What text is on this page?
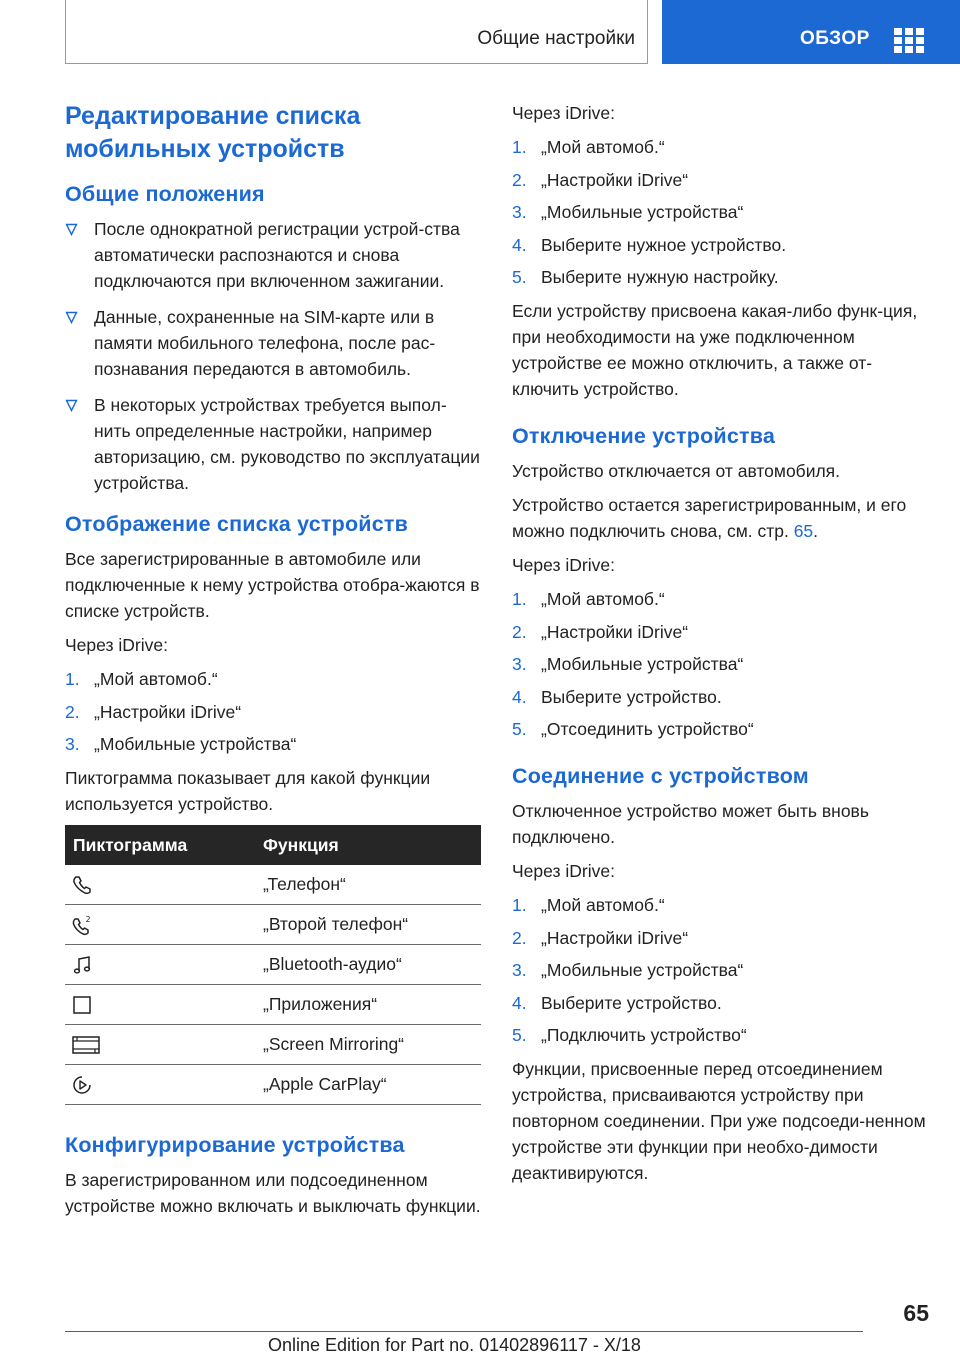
Общие настройки	ОБЗОР
Редактирование списка
мобильных устройств
Общие положения
После однократной регистрации устрой-ства автоматически распознаются и снова подключаются при включенном зажигании.
Данные, сохраненные на SIM-карте или в памяти мобильного телефона, после рас-познавания передаются в автомобиль.
В некоторых устройствах требуется выпол-нить определенные настройки, например авторизацию, см. руководство по эксплуатации устройства.
Отображение списка устройств
Все зарегистрированные в автомобиле или подключенные к нему устройства отобра-жаются в списке устройств.
Через iDrive:
1. „Мой автомоб.“
2. „Настройки iDrive“
3. „Мобильные устройства“
Пиктограмма показывает для какой функции используется устройство.
Пиктограмма	Функция

	„Телефон“

2	„Второй телефон“

	„Bluetooth-аудио“

	„Приложения“

	„Screen Mirroring“

	„Apple CarPlay“
Конфигурирование устройства
В зарегистрированном или подсоединенном устройстве можно включать и выключать функции.
Через iDrive:
1. „Мой автомоб.“
2. „Настройки iDrive“
3. „Мобильные устройства“
4. Выберите нужное устройство.
5. Выберите нужную настройку.
Если устройству присвоена какая-либо функ-ция, при необходимости на уже подключенном устройстве ее можно отключить, а также от-ключить устройство.
Отключение устройства
Устройство отключается от автомобиля.
Устройство остается зарегистрированным, и его можно подключить снова, см. стр. 65.
Через iDrive:
1. „Мой автомоб.“
2. „Настройки iDrive“
3. „Мобильные устройства“
4. Выберите устройство.
5. „Отсоединить устройство“
Соединение с устройством
Отключенное устройство может быть вновь подключено.
Через iDrive:
1. „Мой автомоб.“
2. „Настройки iDrive“
3. „Мобильные устройства“
4. Выберите устройство.
5. „Подключить устройство“
Функции, присвоенные перед отсоединением устройства, присваиваются устройству при повторном соединении. При уже подсоеди-ненном устройстве эти функции при необхо-димости деактивируются.
65
Online Edition for Part no. 01402896117 - X/18
